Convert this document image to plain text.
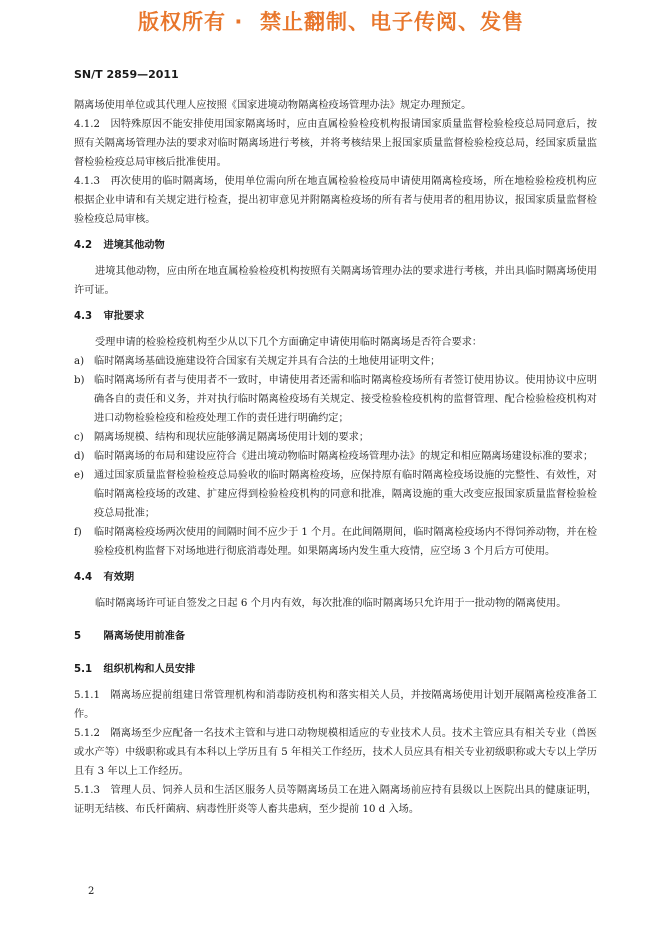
版权所有 ·  禁止翻制、电子传阅、发售
SN/T 2859—2011

隔离场使用单位或其代理人应按照《国家进境动物隔离检疫场管理办法》规定办理预定。

4.1.2　因特殊原因不能安排使用国家隔离场时，应由直属检验检疫机构报请国家质量监督检验检疫总局同意后，按照有关隔离场管理办法的要求对临时隔离场进行考核，并将考核结果上报国家质量监督检验检疫总局，经国家质量监督检验检疫总局审核后批准使用。

4.1.3　再次使用的临时隔离场，使用单位需向所在地直属检验检疫局申请使用隔离检疫场，所在地检验检疫机构应根据企业申请和有关规定进行检查，提出初审意见并附隔离检疫场的所有者与使用者的租用协议，报国家质量监督检验检疫总局审核。

4.2 进境其他动物

进境其他动物，应由所在地直属检验检疫机构按照有关隔离场管理办法的要求进行考核，并出具临时隔离场使用许可证。

4.3 审批要求

受理申请的检验检疫机构至少从以下几个方面确定申请使用临时隔离场是否符合要求：

a) 临时隔离场基础设施建设符合国家有关规定并具有合法的土地使用证明文件；

b) 临时隔离场所有者与使用者不一致时，申请使用者还需和临时隔离检疫场所有者签订使用协议。使用协议中应明确各自的责任和义务，并对执行临时隔离检疫场有关规定、接受检验检疫机构的监督管理、配合检验检疫机构对进口动物检验检疫和检疫处理工作的责任进行明确约定；

c) 隔离场规模、结构和现状应能够满足隔离场使用计划的要求；

d) 临时隔离场的布局和建设应符合《进出境动物临时隔离检疫场管理办法》的规定和相应隔离场建设标准的要求；

e) 通过国家质量监督检验检疫总局验收的临时隔离检疫场，应保持原有临时隔离检疫场设施的完整性、有效性，对临时隔离检疫场的改建、扩建应得到检验检疫机构的同意和批准，隔离设施的重大改变应报国家质量监督检验检疫总局批准；

f) 临时隔离检疫场两次使用的间隔时间不应少于 1 个月。在此间隔期间，临时隔离检疫场内不得饲养动物，并在检验检疫机构监督下对场地进行彻底消毒处理。如果隔离场内发生重大疫情，应空场 3 个月后方可使用。

4.4 有效期

临时隔离场许可证自签发之日起 6 个月内有效，每次批准的临时隔离场只允许用于一批动物的隔离使用。

5 隔离场使用前准备
5.1 组织机构和人员安排

5.1.1　隔离场应提前组建日常管理机构和消毒防疫机构和落实相关人员，并按隔离场使用计划开展隔离检疫准备工作。

5.1.2　隔离场至少应配备一名技术主管和与进口动物规模相适应的专业技术人员。技术主管应具有相关专业（兽医或水产等）中级职称或具有本科以上学历且有 5 年相关工作经历，技术人员应具有相关专业初级职称或大专以上学历且有 3 年以上工作经历。

5.1.3　管理人员、饲养人员和生活区服务人员等隔离场员工在进入隔离场前应持有县级以上医院出具的健康证明，证明无结核、布氏杆菌病、病毒性肝炎等人畜共患病，至少提前 10 d 入场。

2
